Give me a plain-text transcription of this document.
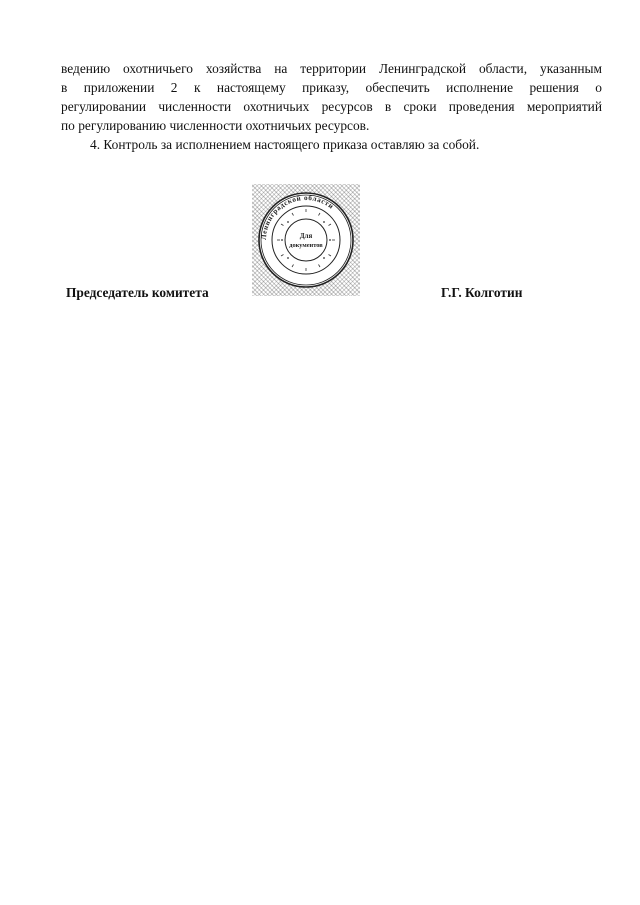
ведению охотничьего хозяйства на территории Ленинградской области, указанным
в приложении 2 к настоящему приказу, обеспечить исполнение решения о
регулировании численности охотничьих ресурсов в сроки проведения мероприятий
по регулированию численности охотничьих ресурсов.

4. Контроль за исполнением настоящего приказа оставляю за собой.

Ленинградской области
Для
документов
Председатель комитета	Г.Г. Колготин
